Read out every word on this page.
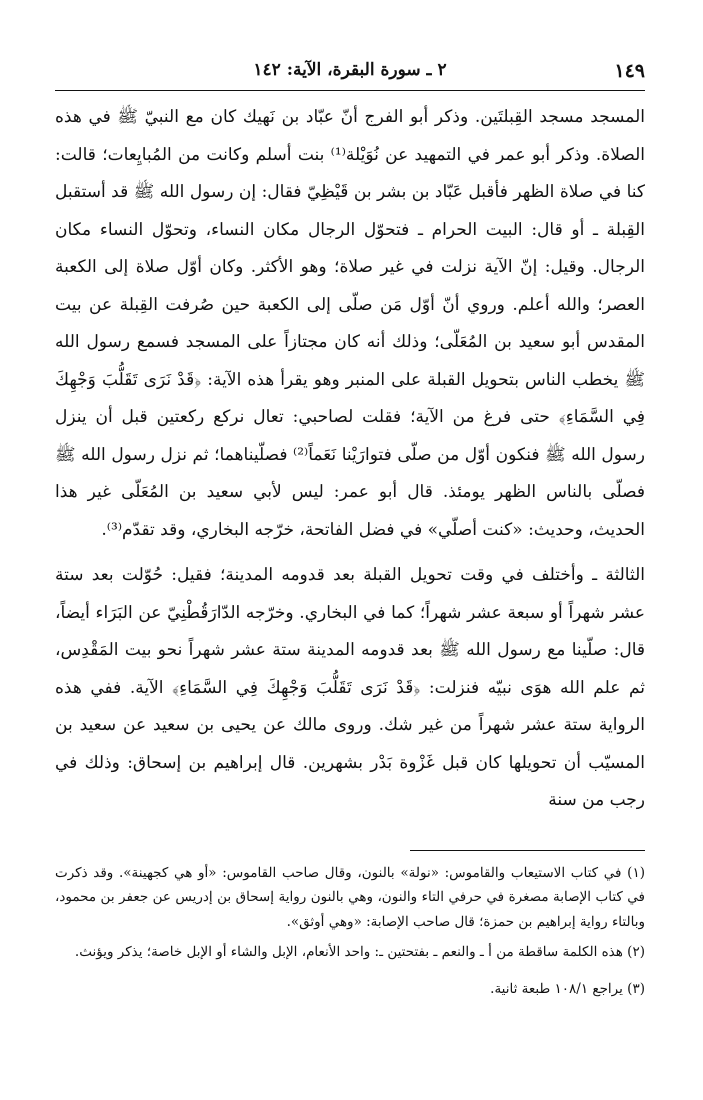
١٤٩
٢ ـ سورة البقرة، الآية: ١٤٢

المسجد مسجد القِبلتَين. وذكر أبو الفرج أنّ عبّاد بن نَهيك كان مع النبيّ ﷺ في هذه الصلاة. وذكر أبو عمر في التمهيد عن نُوَيْلة⁽¹⁾ بنت أسلم وكانت من المُبايِعات؛ قالت: كنا في صلاة الظهر فأقبل عَبّاد بن بشر بن قَيْظِيّ فقال: إن رسول الله ﷺ قد أستقبل القِبلة ـ أو قال: البيت الحرام ـ فتحوّل الرجال مكان النساء، وتحوّل النساء مكان الرجال. وقيل: إنّ الآية نزلت في غير صلاة؛ وهو الأكثر. وكان أوّل صلاة إلى الكعبة العصر؛ والله أعلم. وروي أنّ أوّل مَن صلّى إلى الكعبة حين صُرفت القِبلة عن بيت المقدس أبو سعيد بن المُعَلّى؛ وذلك أنه كان مجتازاً على المسجد فسمع رسول الله ﷺ يخطب الناس بتحويل القبلة على المنبر وهو يقرأ هذه الآية: ﴿قَدْ نَرَى تَقَلُّبَ وَجْهِكَ فِي السَّمَاءِ﴾ حتى فرغ من الآية؛ فقلت لصاحبي: تعال نركع ركعتين قبل أن ينزل رسول الله ﷺ فنكون أوّل من صلّى فتوارَيْنا نَعَماً⁽²⁾ فصلّيناهما؛ ثم نزل رسول الله ﷺ فصلّى بالناس الظهر يومئذ. قال أبو عمر: ليس لأبي سعيد بن المُعَلّى غير هذا الحديث، وحديث: «كنت أصلّي» في فضل الفاتحة، خرّجه البخاري، وقد تقدّم⁽³⁾.

الثالثة ـ وأختلف في وقت تحويل القبلة بعد قدومه المدينة؛ فقيل: حُوّلت بعد ستة عشر شهراً أو سبعة عشر شهراً؛ كما في البخاري. وخرّجه الدّارَقُطْنِيّ عن البَرَاء أيضاً، قال: صلّينا مع رسول الله ﷺ بعد قدومه المدينة ستة عشر شهراً نحو بيت المَقْدِس، ثم علم الله هوَى نبيّه فنزلت: ﴿قَدْ نَرَى تَقَلُّبَ وَجْهِكَ فِي السَّمَاءِ﴾ الآية. ففي هذه الرواية ستة عشر شهراً من غير شك. وروى مالك عن يحيى بن سعيد عن سعيد بن المسيّب أن تحويلها كان قبل غَزْوة بَدْر بشهرين. قال إبراهيم بن إسحاق: وذلك في رجب من سنة

(١) في كتاب الاستيعاب والقاموس: «نولة» بالنون، وقال صاحب القاموس: «أو هي كجهينة». وقد ذكرت في كتاب الإصابة مصغرة في حرفي التاء والنون، وهي بالنون رواية إسحاق بن إدريس عن جعفر بن محمود، وبالتاء رواية إبراهيم بن حمزة؛ قال صاحب الإصابة: «وهي أوثق».

(٢) هذه الكلمة ساقطة من أ ـ والنعم ـ بفتحتين ـ: واحد الأنعام، الإبل والشاء أو الإبل خاصة؛ يذكر ويؤنث.

(٣) يراجع ١٠٨/١ طبعة ثانية.
